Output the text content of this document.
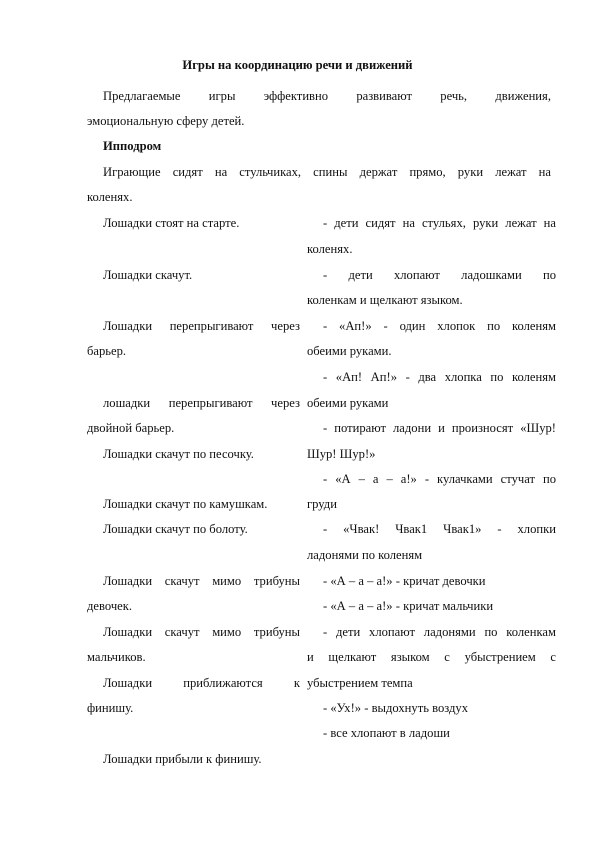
Игры на координацию речи и движений
Предлагаемые игры эффективно развивают речь, движения,
эмоциональную сферу детей.
Ипподром
Играющие сидят на стульчиках, спины держат прямо, руки лежат на
коленях.
Лошадки стоят на старте.
Лошадки скачут.
Лошадки перепрыгивают через
барьер.
лошадки перепрыгивают через
двойной барьер.
Лошадки скачут по песочку.
Лошадки скачут по камушкам.
Лошадки скачут по болоту.
Лошадки скачут мимо трибуны
девочек.
Лошадки скачут мимо трибуны
мальчиков.
Лошадки приближаются к
финишу.
Лошадки прибыли к финишу.
- дети сидят на стульях, руки лежат на
коленях.
- дети хлопают ладошками по
коленкам и щелкают языком.
- «Ап!» - один хлопок по коленям
обеими руками.
- «Ап! Ап!» - два хлопка по коленям
обеими руками
- потирают ладони и произносят «Шур!
Шур! Шур!»
- «А – а – а!» - кулачками стучат по
груди
- «Чвак! Чвак1 Чвак1» - хлопки
ладонями по коленям
- «А – а – а!» - кричат девочки
- «А – а – а!» - кричат мальчики
- дети хлопают ладонями по коленкам
и щелкают языком с убыстрением с
убыстрением темпа
- «Ух!» - выдохнуть воздух
- все хлопают в ладоши
